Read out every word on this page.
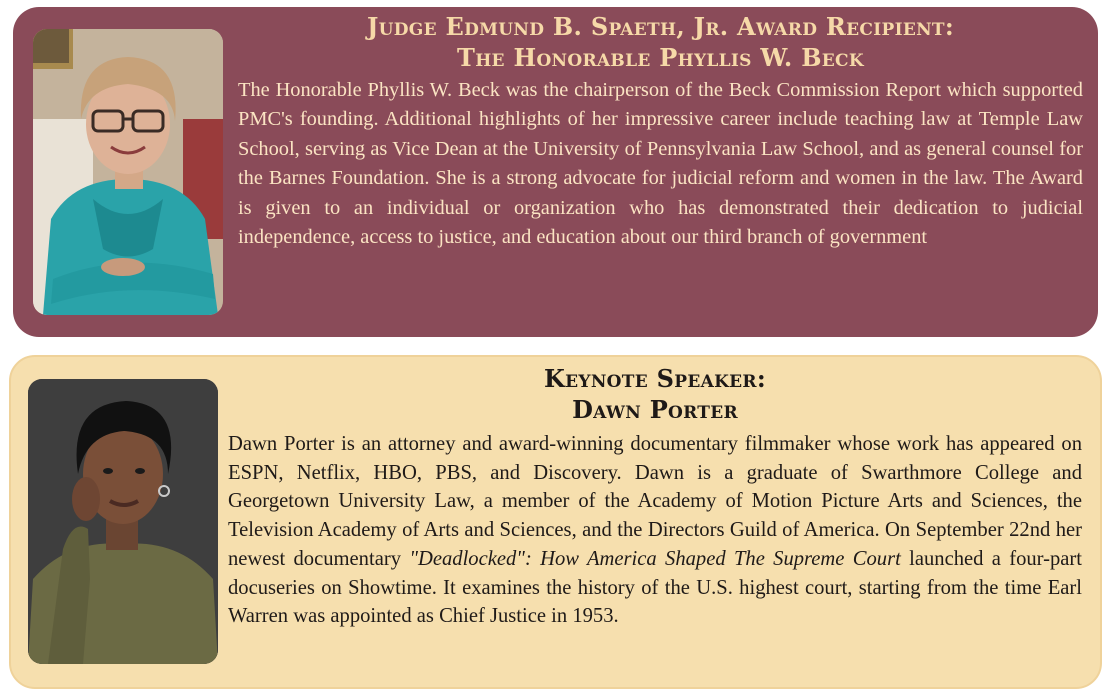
Judge Edmund B. Spaeth, Jr. Award Recipient:
The Honorable Phyllis W. Beck

The Honorable Phyllis W. Beck was the chairperson of the Beck Commission Report which supported PMC's founding. Additional highlights of her impressive career include teaching law at Temple Law School, serving as Vice Dean at the University of Pennsylvania Law School, and as general counsel for the Barnes Foundation. She is a strong advocate for judicial reform and women in the law. The Award is given to an individual or organization who has demonstrated their dedication to judicial independence, access to justice, and education about our third branch of government

Keynote Speaker:
Dawn Porter

Dawn Porter is an attorney and award-winning documentary filmmaker whose work has appeared on ESPN, Netflix, HBO, PBS, and Discovery. Dawn is a graduate of Swarthmore College and Georgetown University Law, a member of the Academy of Motion Picture Arts and Sciences, the Television Academy of Arts and Sciences, and the Directors Guild of America. On September 22nd her newest documentary "Deadlocked": How America Shaped The Supreme Court launched a four-part docuseries on Showtime. It examines the history of the U.S. highest court, starting from the time Earl Warren was appointed as Chief Justice in 1953.
